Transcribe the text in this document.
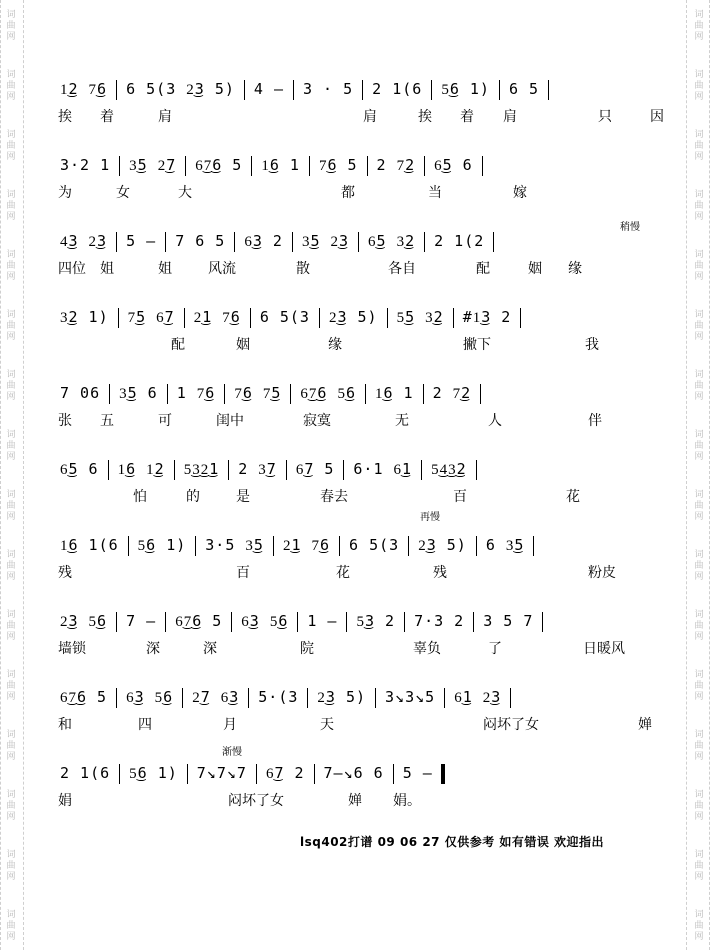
词
曲
网
词
曲
网
词
曲
网
词
曲
网
词
曲
网
词
曲
网
词
曲
网
词
曲
网
词
曲
网
词
曲
网
词
曲
网
词
曲
网
词
曲
网
词
曲
网
词
曲
网
词
曲
网
词
曲
网
词
曲
网
词
曲
网
词
曲
网
词
曲
网
词
曲
网
词
曲
网
词
曲
网
词
曲
网
词
曲
网
词
曲
网
词
曲
网
词
曲
网
词
曲
网
词
曲
网
词
曲
网
稍慢
再慢
渐慢
1͜2 7͜6 6 5(3 2͜3 5) 4 – 3 · 5 2 1(6 5͜6 1) 6 5
挨 着	肩	肩	挨 着 肩	只	因
3·2 1 3͜5 2͜7 6͜7͜6 5 1͜6 1 7͜6 5 2 7͜2 6͜5 6
为	女	大	都	当	嫁
4͜3 2͜3 5 – 7 6 5 6͜3 2 3͜5 2͜3 6͜5 3͜2 2 1(2
四位 姐	姐	风流	散	各自	配	姻 缘
3͜2 1) 7͜5 6͜7 2͜1 7͜6 6 5(3 2͜3 5) 5͜5 3͜2 #1͜3 2
配	姻	缘	撇下	我
7 06 3͜5 6 1 7͜6 7͜6 7͜5 6͜7͜6 5͜6 1͜6 1 2 7͜2
张 五	可	闺中	寂寞	无	人	伴
6͜5 6 1͜6 1͜2 5͜3͜2͜1 2 3͜7 6͜7 5 6·1 6͜1 5͜4͜3͜2
怕	的	是	春去	百	花
1͜6 1(6 5͜6 1) 3·5 3͜5 2͜1 7͜6 6 5(3 2͜3 5) 6 3͜5
残	百	花	残	粉皮
2͜3 5͜6 7 – 6͜7͜6 5 6͜3 5͜6 1 – 5͜3 2 7·3 2 3 5 7
墙锁	深	深	院	辜负	了	日暖风
6͜7͜6 5 6͜3 5͜6 2͜7 6͜3 5·(3 2͜3 5) 3↘3↘5 6͜1 2͜3
和	四	月	天	闷坏了女	婵
2 1(6 5͜6 1) 7↘7↘7 6͜7 2 7–↘6 6 5 –
娟	闷坏了女	婵 娟。
lsq402打谱 09 06 27 仅供参考 如有错误 欢迎指出
